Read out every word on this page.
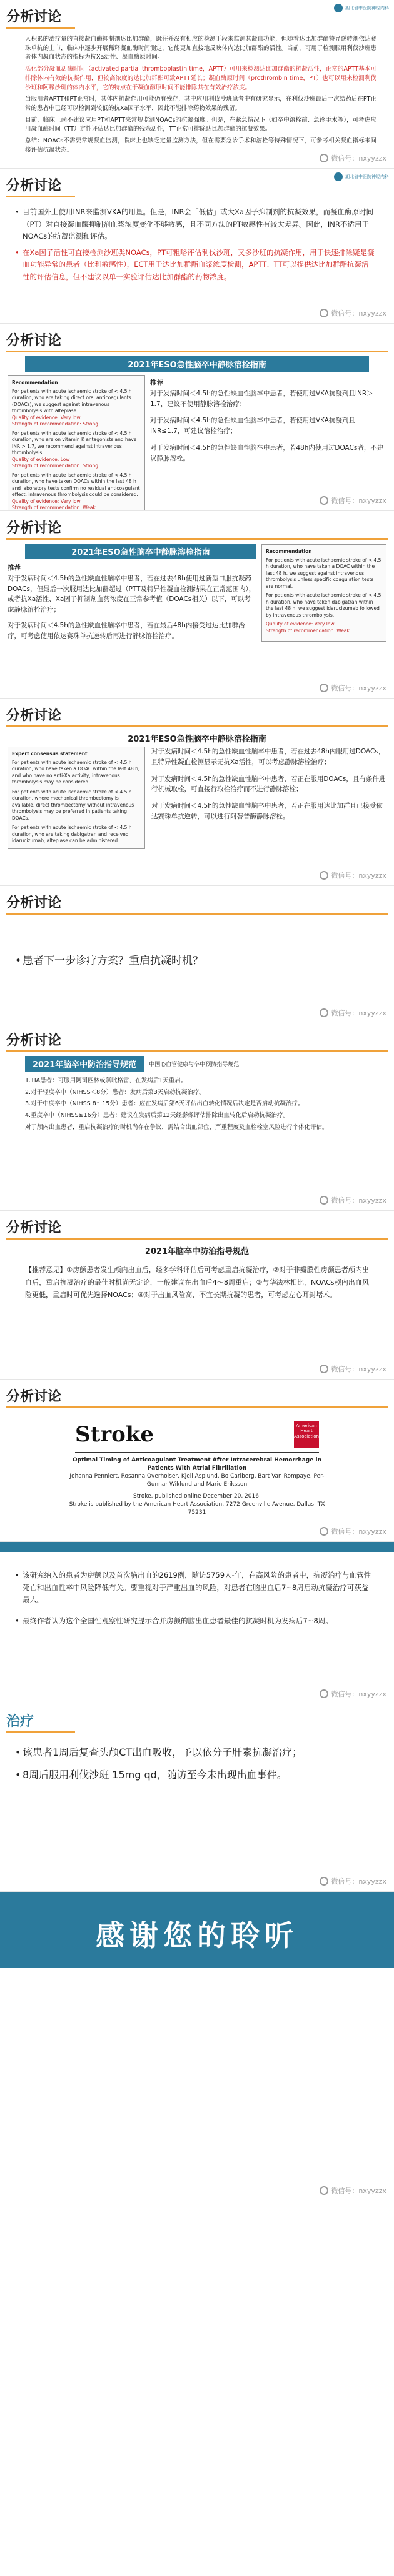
湖北省中医院神经内科
分析讨论

人积累的治疗量的直接凝血酶抑制剂达比加群酯，既往并没有相应的检测手段来监测其凝血功能，但随着达比加群酯特异逆转剂依达赛珠单抗的上市，临床中逐步开展稀释凝血酶时间测定，它能更加直接地反映体内达比加群酯的活性。当前，可用于检测服用利伐沙班患者体内凝血状态的指标为抗Xa活性、凝血酶原时间。

活化部分凝血活酶时间（activated partial thromboplastin time，APTT）可用来检测达比加群酯的抗凝活性，正常的APTT基本可排除体内有效的抗凝作用，但较高浓度的达比加群酯可致APTT延长；凝血酶原时间（prothrombin time，PT）也可以用来检测利伐沙班和阿哌沙班的体内水平，它的特点在于凝血酶原时间不能排除其在有效治疗浓度。

当服用者APTT和PT正常时，其体内抗凝作用可能仍有残存，其中应用利伐沙班患者中有研究显示，在利伐沙班最后一次给药后在PT正常的患者中已经可以检测到较低的抗Xa因子水平，因此不能排除药物效果的残留。

目前，临床上尚不建议应用PT和APTT来常规监测NOACs的抗凝强度。但是，在紧急情况下（如卒中溶栓前、急诊手术等），可考虑应用凝血酶时间（TT）定性评估达比加群酯的残余活性，TT正常可排除达比加群酯的抗凝效果。

总结：NOACs不需要常规凝血监测，临床上也缺乏定量监测方法，但在需要急诊手术和溶栓等特殊情况下，可参考相关凝血指标来间接评估抗凝状态。

微信号：nxyyzzx
湖北省中医院神经内科
分析讨论
• 目前国外上使用INR来监测VKA的用量。但是，INR会「低估」或大Xa因子抑制剂的抗凝效果，而凝血酶原时间（PT）对直接凝血酶抑制剂血浆浓度变化不够敏感，且不同方法的PT敏感性有较大差异。因此，INR不适用于NOACs的抗凝监测和评估。
• 在Xa因子活性可直接检测沙班类NOACs，PT可粗略评估利伐沙班，又多沙班的抗凝作用，用于快速排除疑是凝血功能异常的患者（比利敏感性），ECT用于达比加群酯血浆浓度检测，APTT、TT可以提供达比加群酯抗凝活性的评估信息，但不建议以单一实验评估达比加群酯的药物浓度。
微信号：nxyyzzx
分析讨论
2021年ESO急性脑卒中静脉溶栓指南
Recommendation

For patients with acute ischaemic stroke of < 4.5 h duration, who are taking direct oral anticoagulants (DOACs), we suggest against intravenous thrombolysis with alteplase.

Quality of evidence: Very low

Strength of recommendation: Strong

For patients with acute ischaemic stroke of < 4.5 h duration, who are on vitamin K antagonists and have INR > 1.7, we recommend against intravenous thrombolysis.

Quality of evidence: Low

Strength of recommendation: Strong

For patients with acute ischaemic stroke of < 4.5 h duration, who have taken DOACs within the last 48 h and laboratory tests confirm no residual anticoagulant effect, intravenous thrombolysis could be considered.

Quality of evidence: Very low

Strength of recommendation: Weak

推荐

对于发病时间＜4.5h的急性缺血性脑卒中患者，若使用过VKA抗凝剂且INR＞1.7，建议不使用静脉溶栓治疗；

对于发病时间＜4.5h的急性缺血性脑卒中患者，若使用过VKA抗凝剂且INR≤1.7，可建议溶栓治疗；

对于发病时间＜4.5h的急性缺血性脑卒中患者，若48h内使用过DOACs者，不建议静脉溶栓。

微信号：nxyyzzx
分析讨论
2021年ESO急性脑卒中静脉溶栓指南

推荐

对于发病时间＜4.5h的急性缺血性脑卒中患者，若在过去48h使用过新型口服抗凝药DOACs，但最后一次服用达比加群超过（PTT及特异性凝血检测结果在正常范围内），或者抗Xa活性、Xa因子抑制剂血药浓度在正常参考值（DOACs相关）以下，可以考虑静脉溶栓治疗；

对于发病时间＜4.5h的急性缺血性脑卒中患者，若在最后48h内接受过达比加群治疗，可考虑使用依达赛珠单抗逆转后再进行静脉溶栓治疗。

Recommendation

For patients with acute ischaemic stroke of < 4.5 h duration, who have taken a DOAC within the last 48 h, we suggest against intravenous thrombolysis unless specific coagulation tests are normal.

For patients with acute ischaemic stroke of < 4.5 h duration, who have taken dabigatran within the last 48 h, we suggest idarucizumab followed by intravenous thrombolysis.

Quality of evidence: Very low

Strength of recommendation: Weak

微信号：nxyyzzx
分析讨论
2021年ESO急性脑卒中静脉溶栓指南
Expert consensus statement

For patients with acute ischaemic stroke of < 4.5 h duration, who have taken a DOAC within the last 48 h, and who have no anti-Xa activity, intravenous thrombolysis may be considered.

For patients with acute ischaemic stroke of < 4.5 h duration, where mechanical thrombectomy is available, direct thrombectomy without intravenous thrombolysis may be preferred in patients taking DOACs.

For patients with acute ischaemic stroke of < 4.5 h duration, who are taking dabigatran and received idarucizumab, alteplase can be administered.

对于发病时间＜4.5h的急性缺血性脑卒中患者，若在过去48h内服用过DOACs，且特异性凝血检测显示无抗Xa活性，可以考虑静脉溶栓治疗；

对于发病时间＜4.5h的急性缺血性脑卒中患者，若正在服用DOACs，且有条件进行机械取栓，可直接行取栓治疗而不进行静脉溶栓；

对于发病时间＜4.5h的急性缺血性脑卒中患者，若正在服用达比加群且已接受依达赛珠单抗逆转，可以进行阿替普酶静脉溶栓。

微信号：nxyyzzx
分析讨论
• 患者下一步诊疗方案？重启抗凝时机？
微信号：nxyyzzx
分析讨论
2021年脑卒中防治指导规范	中国心血管健康与卒中预防指导规范

1.TIA患者：可服用阿司匹林或氯吡格雷，在发病后1天重启。

2.对于轻度卒中（NIHSS＜8分）患者：发病后第3天启动抗凝治疗。

3.对于中度卒中（NIHSS 8～15分）患者：应在发病后第6天评估出血转化情况后决定是否启动抗凝治疗。

4.重度卒中（NIHSS≥16分）患者：建议在发病后第12天经影像评估排除出血转化后启动抗凝治疗。

对于颅内出血患者，重启抗凝治疗的时机尚存在争议，需结合出血部位、严重程度及血栓栓塞风险进行个体化评估。

微信号：nxyyzzx
分析讨论
2021年脑卒中防治指导规范

【推荐意见】①房颤患者发生颅内出血后，经多学科评估后可考虑重启抗凝治疗，②对于非瓣膜性房颤患者颅内出血后，重启抗凝治疗的最佳时机尚无定论，一般建议在出血后4～8周重启；③与华法林相比，NOACs颅内出血风险更低，重启时可优先选择NOACs；④对于出血风险高、不宜长期抗凝的患者，可考虑左心耳封堵术。

微信号：nxyyzzx
分析讨论
Stroke	American Heart Association

Optimal Timing of Anticoagulant Treatment After Intracerebral Hemorrhage in Patients With Atrial Fibrillation

Johanna Pennlert, Rosanna Overholser, Kjell Asplund, Bo Carlberg, Bart Van Rompaye, Per-Gunnar Wiklund and Marie Eriksson

Stroke. published online December 20, 2016;

Stroke is published by the American Heart Association, 7272 Greenville Avenue, Dallas, TX 75231

微信号：nxyyzzx
• 该研究纳入的患者为房颤以及首次脑出血的2619例，随访5759人-年，在高风险的患者中，抗凝治疗与血管性死亡和出血性卒中风险降低有关。要重视对于严重出血的风险，对患者在脑出血后7~8周启动抗凝治疗可获益最大。
• 最终作者认为这个全国性观察性研究提示合并房颤的脑出血患者最佳的抗凝时机为发病后7~8周。
微信号：nxyyzzx
治疗
• 该患者1周后复查头颅CT出血吸收，予以依分子肝素抗凝治疗；
• 8周后服用利伐沙班 15mg qd，随访至今未出现出血事件。
微信号：nxyyzzx
感谢您的聆听
微信号：nxyyzzx
